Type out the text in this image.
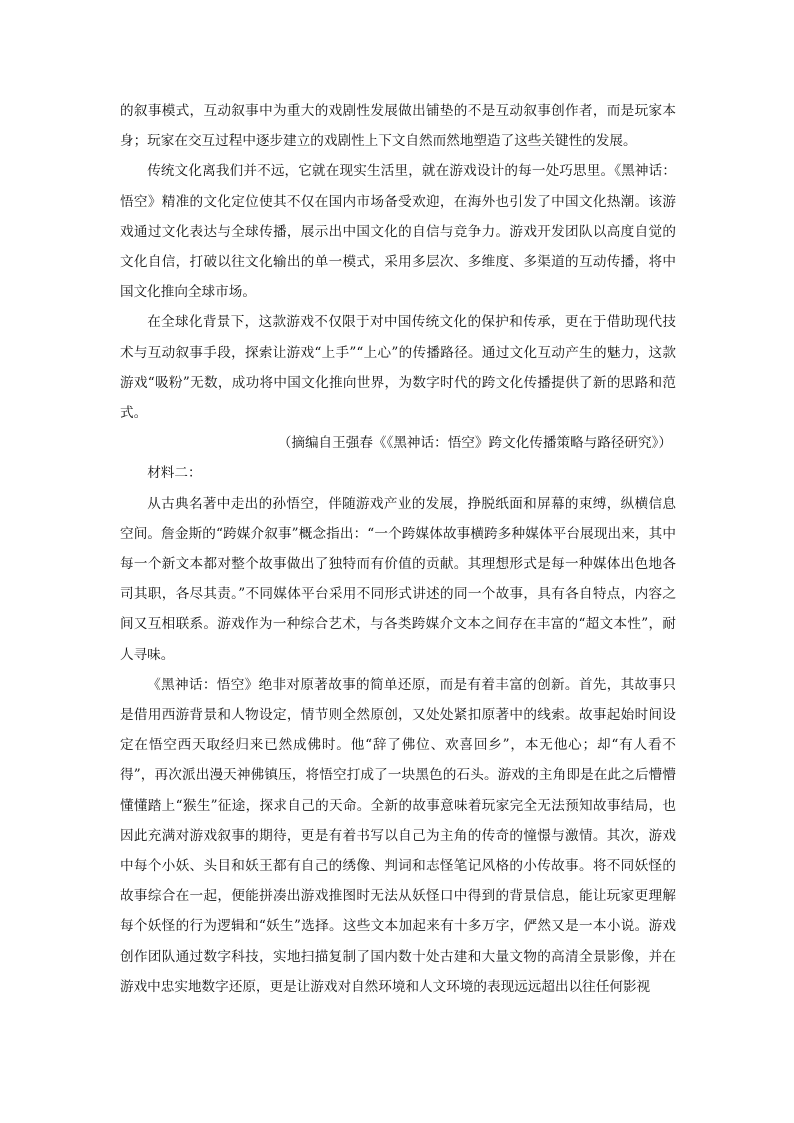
的叙事模式，互动叙事中为重大的戏剧性发展做出铺垫的不是互动叙事创作者，而是玩家本身；玩家在交互过程中逐步建立的戏剧性上下文自然而然地塑造了这些关键性的发展。

传统文化离我们并不远，它就在现实生活里，就在游戏设计的每一处巧思里。《黑神话：悟空》精准的文化定位使其不仅在国内市场备受欢迎，在海外也引发了中国文化热潮。该游戏通过文化表达与全球传播，展示出中国文化的自信与竞争力。游戏开发团队以高度自觉的文化自信，打破以往文化输出的单一模式，采用多层次、多维度、多渠道的互动传播，将中国文化推向全球市场。

在全球化背景下，这款游戏不仅限于对中国传统文化的保护和传承，更在于借助现代技术与互动叙事手段，探索让游戏“上手”“上心”的传播路径。通过文化互动产生的魅力，这款游戏“吸粉”无数，成功将中国文化推向世界，为数字时代的跨文化传播提供了新的思路和范式。

（摘编自王强春《《黑神话：悟空》跨文化传播策略与路径研究》）

材料二：

从古典名著中走出的孙悟空，伴随游戏产业的发展，挣脱纸面和屏幕的束缚，纵横信息空间。詹金斯的“跨媒介叙事”概念指出：“一个跨媒体故事横跨多种媒体平台展现出来，其中每一个新文本都对整个故事做出了独特而有价值的贡献。其理想形式是每一种媒体出色地各司其职，各尽其责。”不同媒体平台采用不同形式讲述的同一个故事，具有各自特点，内容之间又互相联系。游戏作为一种综合艺术，与各类跨媒介文本之间存在丰富的“超文本性”，耐人寻味。

《黑神话：悟空》绝非对原著故事的简单还原，而是有着丰富的创新。首先，其故事只是借用西游背景和人物设定，情节则全然原创，又处处紧扣原著中的线索。故事起始时间设定在悟空西天取经归来已然成佛时。他“辞了佛位、欢喜回乡”，本无他心；却“有人看不得”，再次派出漫天神佛镇压，将悟空打成了一块黑色的石头。游戏的主角即是在此之后懵懵懂懂踏上“猴生”征途，探求自己的天命。全新的故事意味着玩家完全无法预知故事结局，也因此充满对游戏叙事的期待，更是有着书写以自己为主角的传奇的憧憬与激情。其次，游戏中每个小妖、头目和妖王都有自己的绣像、判词和志怪笔记风格的小传故事。将不同妖怪的故事综合在一起，便能拼凑出游戏推图时无法从妖怪口中得到的背景信息，能让玩家更理解每个妖怪的行为逻辑和“妖生”选择。这些文本加起来有十多万字，俨然又是一本小说。游戏创作团队通过数字科技，实地扫描复制了国内数十处古建和大量文物的高清全景影像，并在游戏中忠实地数字还原，更是让游戏对自然环境和人文环境的表现远远超出以往任何影视
